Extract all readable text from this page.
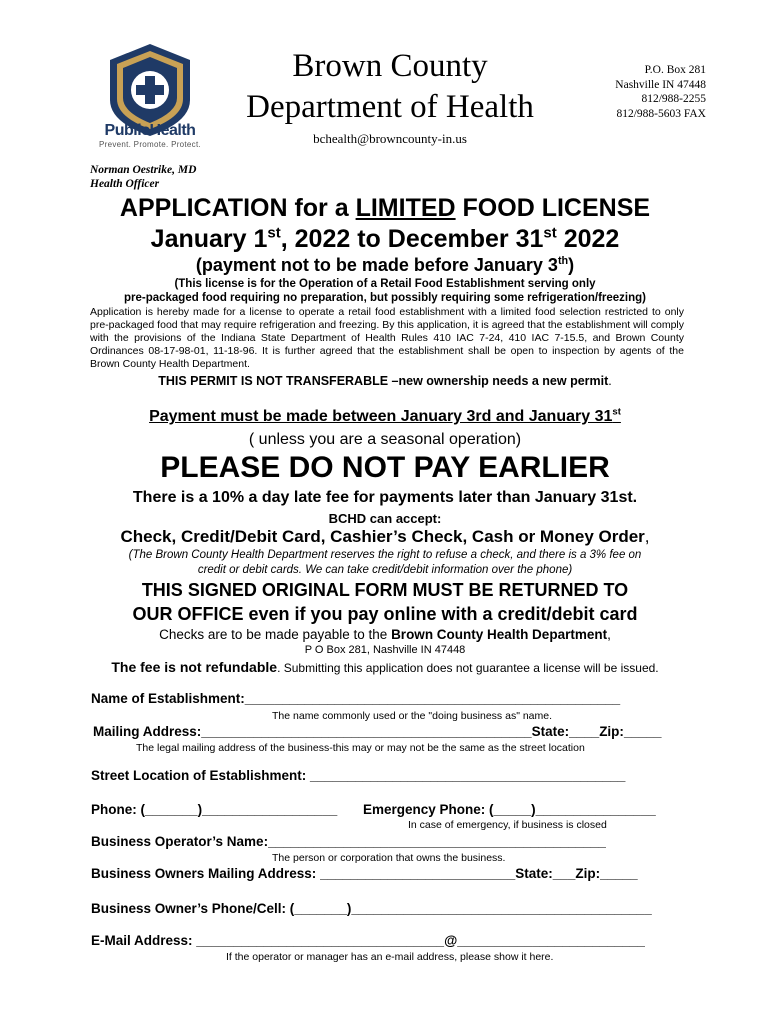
PublicHealth
Prevent. Promote. Protect.
Brown County
Department of Health
bchealth@browncounty-in.us
P.O. Box 281
Nashville IN 47448
812/988-2255
812/988-5603 FAX
Norman Oestrike, MD
Health Officer
APPLICATION for a LIMITED FOOD LICENSE
January 1st, 2022 to December 31st 2022
(payment not to be made before January 3th)
(This license is for the Operation of a Retail Food Establishment serving only
pre-packaged food requiring no preparation, but possibly requiring some refrigeration/freezing)
Application is hereby made for a license to operate a retail food establishment with a limited food selection restricted to only pre-packaged food that may require refrigeration and freezing. By this application, it is agreed that the establishment will comply with the provisions of the Indiana State Department of Health Rules 410 IAC 7-24, 410 IAC 7-15.5, and Brown County Ordinances 08-17-98-01, 11-18-96. It is further agreed that the establishment shall be open to inspection by agents of the Brown County Health Department.
THIS PERMIT IS NOT TRANSFERABLE –new ownership needs a new permit.
Payment must be made between January 3rd and January 31st
( unless you are a seasonal operation)
PLEASE DO NOT PAY EARLIER
There is a 10% a day late fee for payments later than January 31st.
BCHD can accept:
Check, Credit/Debit Card, Cashier’s Check, Cash or Money Order,
(The Brown County Health Department reserves the right to refuse a check, and there is a 3% fee on
credit or debit cards. We can take credit/debit information over the phone)
THIS SIGNED ORIGINAL FORM MUST BE RETURNED TO
OUR OFFICE even if you pay online with a credit/debit card
Checks are to be made payable to the Brown County Health Department,
P O Box 281, Nashville IN 47448
The fee is not refundable. Submitting this application does not guarantee a license will be issued.
Name of Establishment:__________________________________________________
The name commonly used or the "doing business as" name.
Mailing Address:____________________________________________State:____Zip:_____
The legal mailing address of the business-this may or may not be the same as the street location
Street Location of Establishment: __________________________________________
Phone: (_______)__________________ Emergency Phone: (_____)________________
In case of emergency, if business is closed
Business Operator’s Name:_____________________________________________
The person or corporation that owns the business.
Business Owners Mailing Address: __________________________State:___Zip:_____
Business Owner’s Phone/Cell: (_______)________________________________________
E-Mail Address: _________________________________@_________________________
If the operator or manager has an e-mail address, please show it here.
